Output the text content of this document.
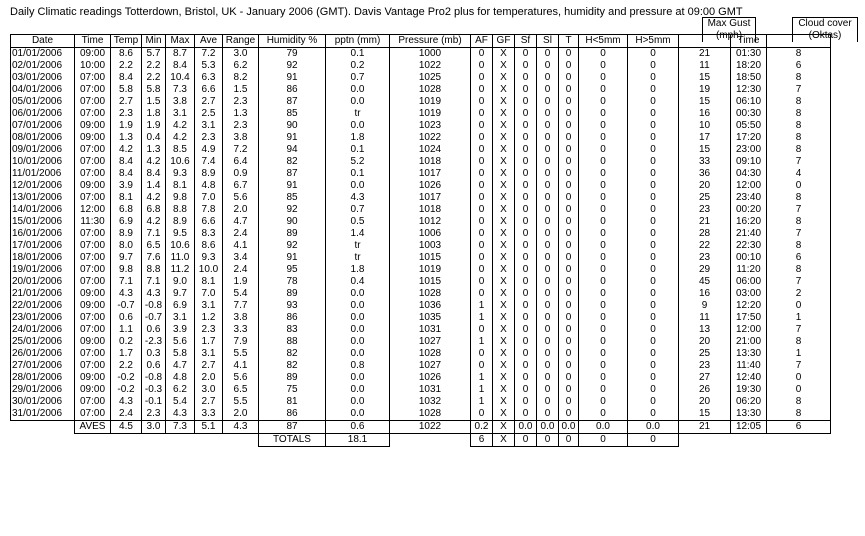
Daily Climatic readings Totterdown, Bristol, UK - January 2006 (GMT). Davis Vantage Pro2 plus for temperatures, humidity and pressure at 09:00 GMT
Max Gust
(mph)
Cloud cover
(Oktas)
Date	Time	Temp	Min	Max	Ave	Range	Humidity %	pptn (mm)	Pressure (mb)	AF	GF	Sf	Sl	T	H<5mm	H>5mm		Time	
01/01/2006	09:00	8.6	5.7	8.7	7.2	3.0	79	0.1	1000	0	X	0	0	0	0	0	21	01:30	8
02/01/2006	10:00	2.2	2.2	8.4	5.3	6.2	92	0.2	1022	0	X	0	0	0	0	0	11	18:20	6
03/01/2006	07:00	8.4	2.2	10.4	6.3	8.2	91	0.7	1025	0	X	0	0	0	0	0	15	18:50	8
04/01/2006	07:00	5.8	5.8	7.3	6.6	1.5	86	0.0	1028	0	X	0	0	0	0	0	19	12:30	7
05/01/2006	07:00	2.7	1.5	3.8	2.7	2.3	87	0.0	1019	0	X	0	0	0	0	0	15	06:10	8
06/01/2006	07:00	2.3	1.8	3.1	2.5	1.3	85	tr	1019	0	X	0	0	0	0	0	16	00:30	8
07/01/2006	09:00	1.9	1.9	4.2	3.1	2.3	90	0.0	1023	0	X	0	0	0	0	0	10	05:50	8
08/01/2006	09:00	1.3	0.4	4.2	2.3	3.8	91	1.8	1022	0	X	0	0	0	0	0	17	17:20	8
09/01/2006	07:00	4.2	1.3	8.5	4.9	7.2	94	0.1	1024	0	X	0	0	0	0	0	15	23:00	8
10/01/2006	07:00	8.4	4.2	10.6	7.4	6.4	82	5.2	1018	0	X	0	0	0	0	0	33	09:10	7
11/01/2006	07:00	8.4	8.4	9.3	8.9	0.9	87	0.1	1017	0	X	0	0	0	0	0	36	04:30	4
12/01/2006	09:00	3.9	1.4	8.1	4.8	6.7	91	0.0	1026	0	X	0	0	0	0	0	20	12:00	0
13/01/2006	07:00	8.1	4.2	9.8	7.0	5.6	85	4.3	1017	0	X	0	0	0	0	0	25	23:40	8
14/01/2006	12:00	6.8	6.8	8.8	7.8	2.0	92	0.7	1018	0	X	0	0	0	0	0	23	00:20	7
15/01/2006	11:30	6.9	4.2	8.9	6.6	4.7	90	0.5	1012	0	X	0	0	0	0	0	21	16:20	8
16/01/2006	07:00	8.9	7.1	9.5	8.3	2.4	89	1.4	1006	0	X	0	0	0	0	0	28	21:40	7
17/01/2006	07:00	8.0	6.5	10.6	8.6	4.1	92	tr	1003	0	X	0	0	0	0	0	22	22:30	8
18/01/2006	07:00	9.7	7.6	11.0	9.3	3.4	91	tr	1015	0	X	0	0	0	0	0	23	00:10	6
19/01/2006	07:00	9.8	8.8	11.2	10.0	2.4	95	1.8	1019	0	X	0	0	0	0	0	29	11:20	8
20/01/2006	07:00	7.1	7.1	9.0	8.1	1.9	78	0.4	1015	0	X	0	0	0	0	0	45	06:00	7
21/01/2006	09:00	4.3	4.3	9.7	7.0	5.4	89	0.0	1028	0	X	0	0	0	0	0	16	03:00	2
22/01/2006	09:00	-0.7	-0.8	6.9	3.1	7.7	93	0.0	1036	1	X	0	0	0	0	0	9	12:20	0
23/01/2006	07:00	0.6	-0.7	3.1	1.2	3.8	86	0.0	1035	1	X	0	0	0	0	0	11	17:50	1
24/01/2006	07:00	1.1	0.6	3.9	2.3	3.3	83	0.0	1031	0	X	0	0	0	0	0	13	12:00	7
25/01/2006	09:00	0.2	-2.3	5.6	1.7	7.9	88	0.0	1027	1	X	0	0	0	0	0	20	21:00	8
26/01/2006	07:00	1.7	0.3	5.8	3.1	5.5	82	0.0	1028	0	X	0	0	0	0	0	25	13:30	1
27/01/2006	07:00	2.2	0.6	4.7	2.7	4.1	82	0.8	1027	0	X	0	0	0	0	0	23	11:40	7
28/01/2006	09:00	-0.2	-0.8	4.8	2.0	5.6	89	0.0	1026	1	X	0	0	0	0	0	27	12:40	0
29/01/2006	09:00	-0.2	-0.3	6.2	3.0	6.5	75	0.0	1031	1	X	0	0	0	0	0	26	19:30	0
30/01/2006	07:00	4.3	-0.1	5.4	2.7	5.5	81	0.0	1032	1	X	0	0	0	0	0	20	06:20	8
31/01/2006	07:00	2.4	2.3	4.3	3.3	2.0	86	0.0	1028	0	X	0	0	0	0	0	15	13:30	8
	AVES	4.5	3.0	7.3	5.1	4.3	87	0.6	1022	0.2	X	0.0	0.0	0.0	0.0	0.0	21	12:05	6
							TOTALS	18.1		6	X	0	0	0	0	0			
